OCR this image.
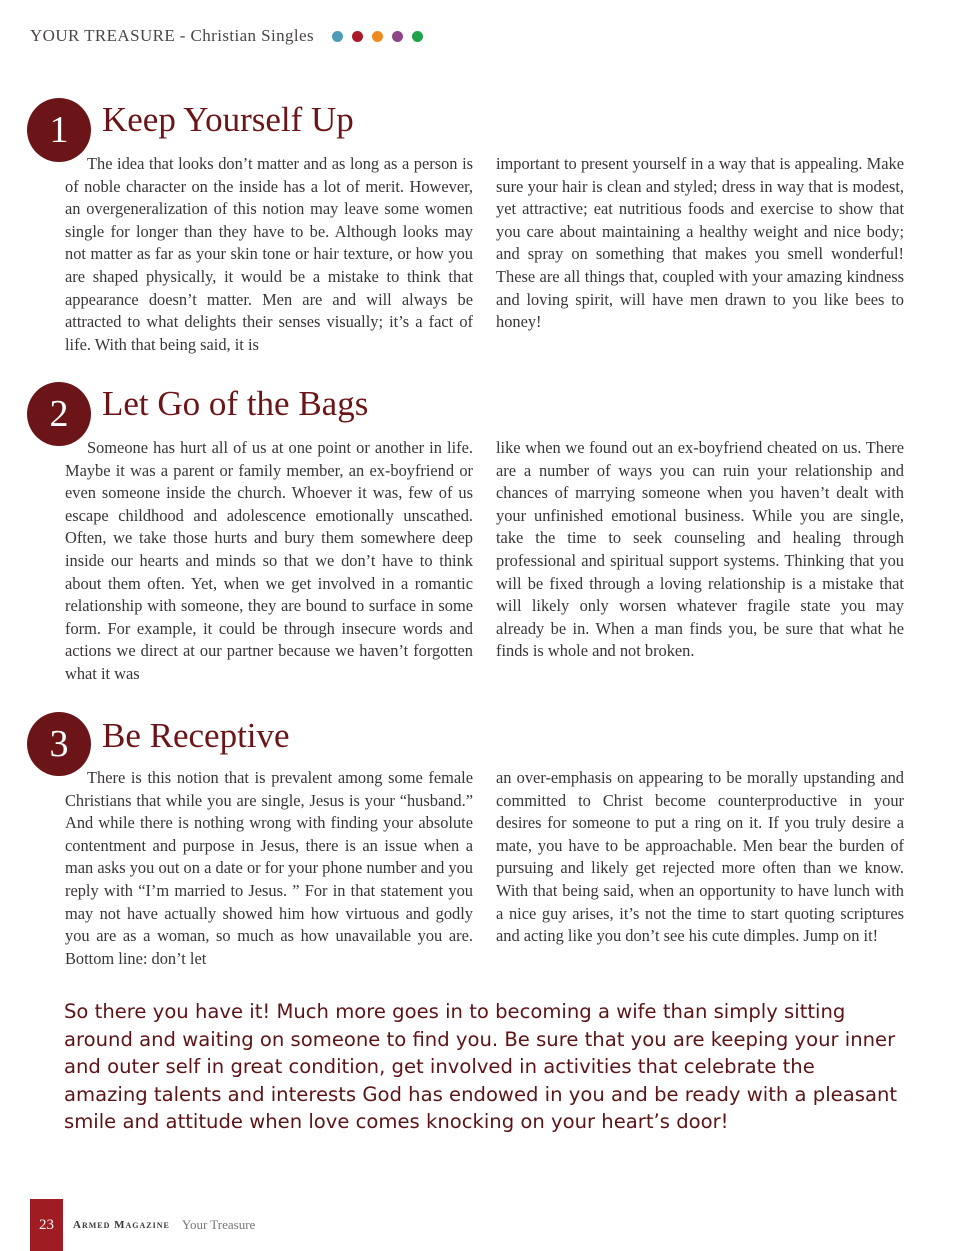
YOUR TREASURE - Christian Singles
1 Keep Yourself Up
The idea that looks don’t matter and as long as a person is of noble character on the inside has a lot of merit. However, an overgeneralization of this notion may leave some women single for longer than they have to be. Although looks may not matter as far as your skin tone or hair texture, or how you are shaped physically, it would be a mistake to think that appearance doesn’t matter. Men are and will always be attracted to what delights their senses visually; it’s a fact of life. With that being said, it is
important to present yourself in a way that is appealing. Make sure your hair is clean and styled; dress in way that is modest, yet attractive; eat nutritious foods and exercise to show that you care about maintaining a healthy weight and nice body; and spray on something that makes you smell wonderful! These are all things that, coupled with your amazing kindness and loving spirit, will have men drawn to you like bees to honey!
2 Let Go of the Bags
Someone has hurt all of us at one point or another in life. Maybe it was a parent or family member, an ex-boyfriend or even someone inside the church. Whoever it was, few of us escape childhood and adolescence emotionally unscathed. Often, we take those hurts and bury them somewhere deep inside our hearts and minds so that we don’t have to think about them often. Yet, when we get involved in a romantic relationship with someone, they are bound to surface in some form. For example, it could be through insecure words and actions we direct at our partner because we haven’t forgotten what it was
like when we found out an ex-boyfriend cheated on us. There are a number of ways you can ruin your relationship and chances of marrying someone when you haven’t dealt with your unfinished emotional business. While you are single, take the time to seek counseling and healing through professional and spiritual support systems. Thinking that you will be fixed through a loving relationship is a mistake that will likely only worsen whatever fragile state you may already be in. When a man finds you, be sure that what he finds is whole and not broken.
3 Be Receptive
There is this notion that is prevalent among some female Christians that while you are single, Jesus is your “husband.” And while there is nothing wrong with finding your absolute contentment and purpose in Jesus, there is an issue when a man asks you out on a date or for your phone number and you reply with “I’m married to Jesus. ” For in that statement you may not have actually showed him how virtuous and godly you are as a woman, so much as how unavailable you are. Bottom line: don’t let
an over-emphasis on appearing to be morally upstanding and committed to Christ become counterproductive in your desires for someone to put a ring on it. If you truly desire a mate, you have to be approachable. Men bear the burden of pursuing and likely get rejected more often than we know. With that being said, when an opportunity to have lunch with a nice guy arises, it’s not the time to start quoting scriptures and acting like you don’t see his cute dimples. Jump on it!
So there you have it! Much more goes in to becoming a wife than simply sitting around and waiting on someone to find you. Be sure that you are keeping your inner and outer self in great condition, get involved in activities that celebrate the amazing talents and interests God has endowed in you and be ready with a pleasant smile and attitude when love comes knocking on your heart’s door!
23	Armed Magazine Your Treasure
